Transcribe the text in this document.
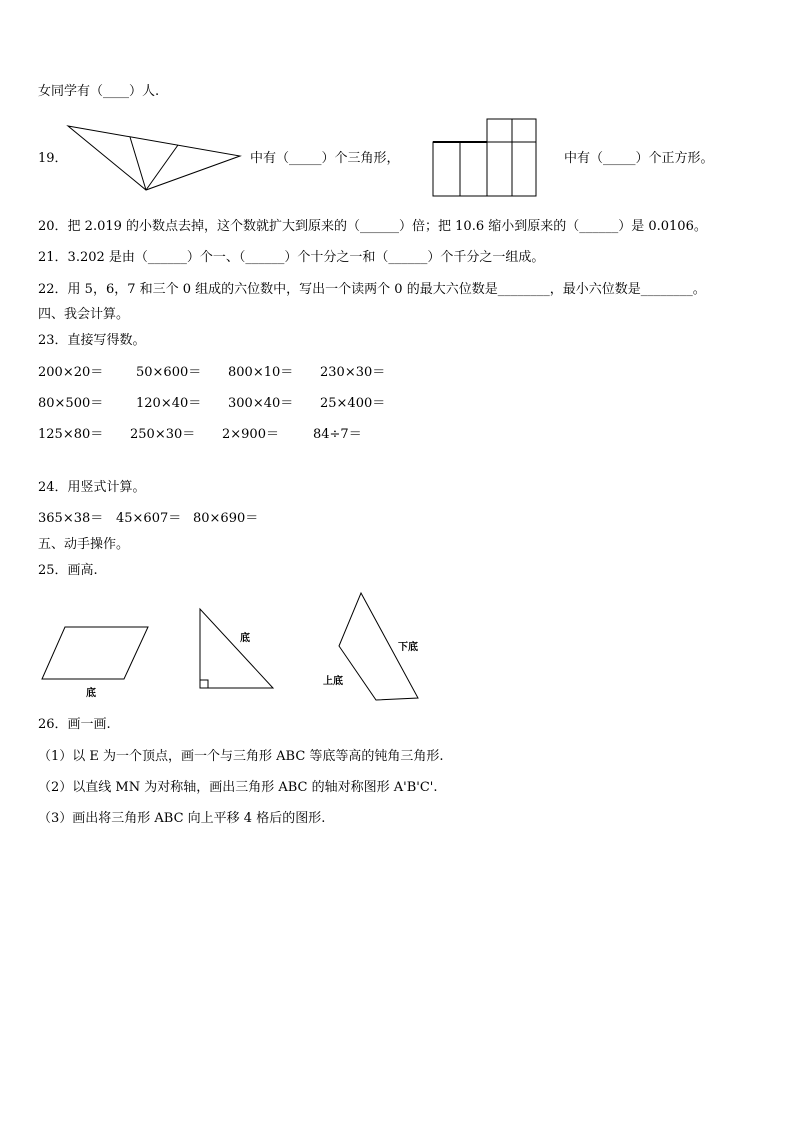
女同学有（____）人.
19．	中有（_____）个三角形，	中有（_____）个正方形。
20．把 2.019 的小数点去掉，这个数就扩大到原来的（______）倍；把 10.6 缩小到原来的（______）是 0.0106。
21．3.202 是由（______）个一、（______）个十分之一和（______）个千分之一组成。
22．用 5，6，7 和三个 0 组成的六位数中，写出一个读两个 0 的最大六位数是________，最小六位数是________。
四、我会计算。
23．直接写得数。
200×20＝	50×600＝ 800×10＝ 230×30＝
80×500＝	120×40＝ 300×40＝ 25×400＝
125×80＝ 250×30＝ 2×900＝	84÷7＝
24．用竖式计算。
365×38＝ 45×607＝ 80×690＝
五、动手操作。
25．画高.
底
底
下底
上底
26．画一画.
（1）以 E 为一个顶点，画一个与三角形 ABC 等底等高的钝角三角形.
（2）以直线 MN 为对称轴，画出三角形 ABC 的轴对称图形 A'B'C'.
（3）画出将三角形 ABC 向上平移 4 格后的图形.
